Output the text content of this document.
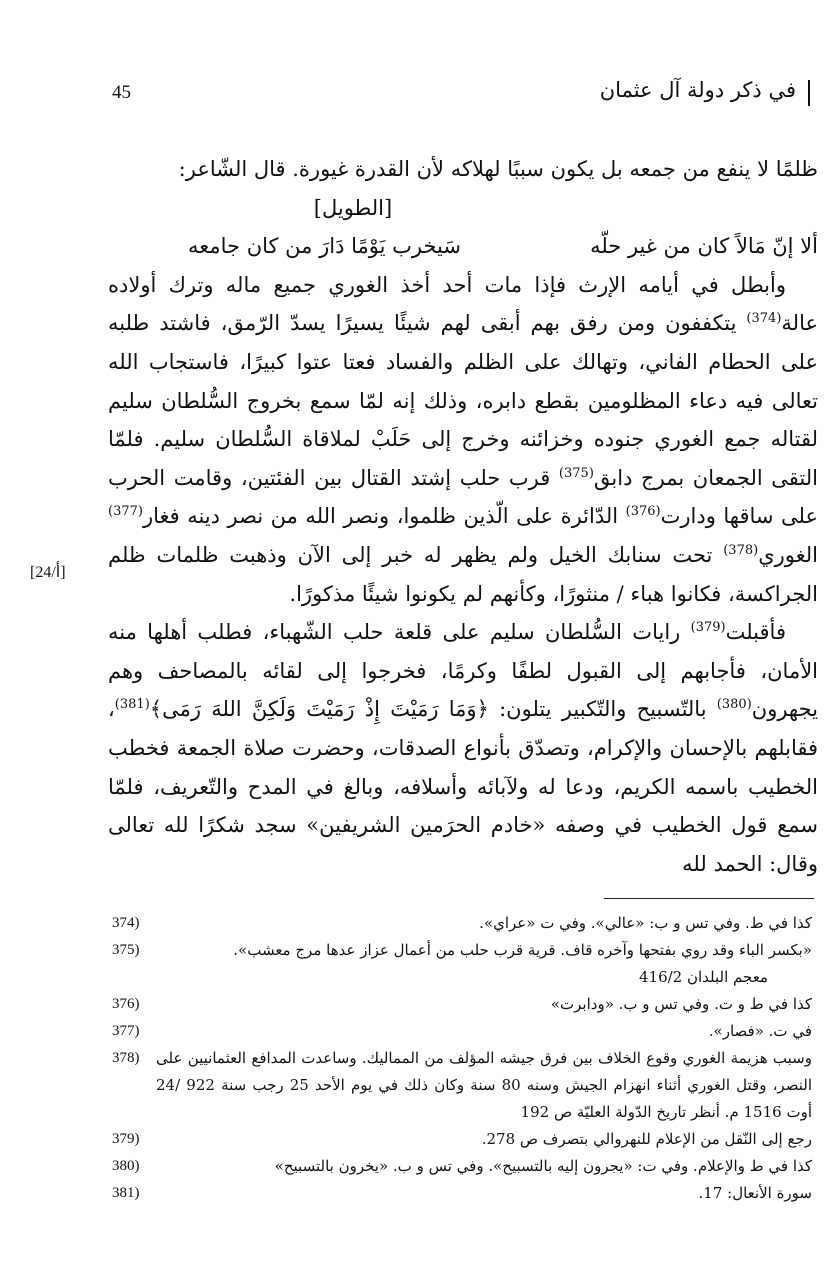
في ذكر دولة آل عثمان
45

ظلمًا لا ينفع من جمعه بل يكون سببًا لهلاكه لأن القدرة غيورة. قال الشّاعر:

[الطويل]

ألا إنّ مَالاً كان من غير حلّه
سَيخرب يَوْمًا دَارَ من كان جامعه

وأبطل في أيامه الإرث فإذا مات أحد أخذ الغوري جميع ماله وترك أولاده عالة$^{(374)}$ يتكففون ومن رفق بهم أبقى لهم شيئًا يسيرًا يسدّ الرّمق، فاشتد طلبه على الحطام الفاني، وتهالك على الظلم والفساد فعتا عتوا كبيرًا، فاستجاب الله تعالى فيه دعاء المظلومين بقطع دابره، وذلك إنه لمّا سمع بخروج السُّلطان سليم لقتاله جمع الغوري جنوده وخزائنه وخرج إلى حَلَبْ لملاقاة السُّلطان سليم. فلمّا التقى الجمعان بمرج دابق$^{(375)}$ قرب حلب إشتد القتال بين الفئتين، وقامت الحرب على ساقها ودارت$^{(376)}$ الدّائرة على الّذين ظلموا، ونصر الله من نصر دينه فغار$^{(377)}$ الغوري$^{(378)}$ تحت سنابك الخيل ولم يظهر له خبر إلى الآن وذهبت ظلمات ظلم الجراكسة، فكانوا هباء / منثورًا، وكأنهم لم يكونوا شيئًا مذكورًا.

فأقبلت$^{(379)}$ رايات السُّلطان سليم على قلعة حلب الشّهباء، فطلب أهلها منه الأمان، فأجابهم إلى القبول لطفًا وكرمًا، فخرجوا إلى لقائه بالمصاحف وهم يجهرون$^{(380)}$ بالتّسبيح والتّكبير يتلون: ﴿وَمَا رَمَيْتَ إِذْ رَمَيْتَ وَلَكِنَّ اللهَ رَمَى﴾$^{(381)}$، فقابلهم بالإحسان والإكرام، وتصدّق بأنواع الصدقات، وحضرت صلاة الجمعة فخطب الخطيب باسمه الكريم، ودعا له ولآبائه وأسلافه، وبالغ في المدح والتّعريف، فلمّا سمع قول الخطيب في وصفه «خادم الحرَمين الشريفين» سجد شكرًا لله تعالى وقال: الحمد لله

[24/أ]
كذا في ط. وفي تس و ب: «عالي». وفي ت «عراي».
374)
«بكسر الباء وقد روي بفتحها وآخره قاف. قرية قرب حلب من أعمال عزاز عدها مرج معشب».
375)
معجم البلدان 416/2
كذا في ط و ت. وفي تس و ب. «ودابرت»
376)
في ت. «فصار».
377)
وسبب هزيمة الغوري وقوع الخلاف بين فرق جيشه المؤلف من المماليك. وساعدت المدافع العثمانيين على النصر، وقتل الغوري أثناء انهزام الجيش وسنه 80 سنة وكان ذلك في يوم الأحد 25 رجب سنة 922 /24 أوت 1516 م. أنظر تاريخ الدّولة العليّة ص 192
378)
رجع إلى النّقل من الإعلام للنهروالي بتصرف ص 278.
379)
كذا في ط والإعلام. وفي ت: «يجرون إليه بالتسبيح». وفي تس و ب. «يخرون بالتسبيح»
380)
سورة الأنعال: 17.
381)
